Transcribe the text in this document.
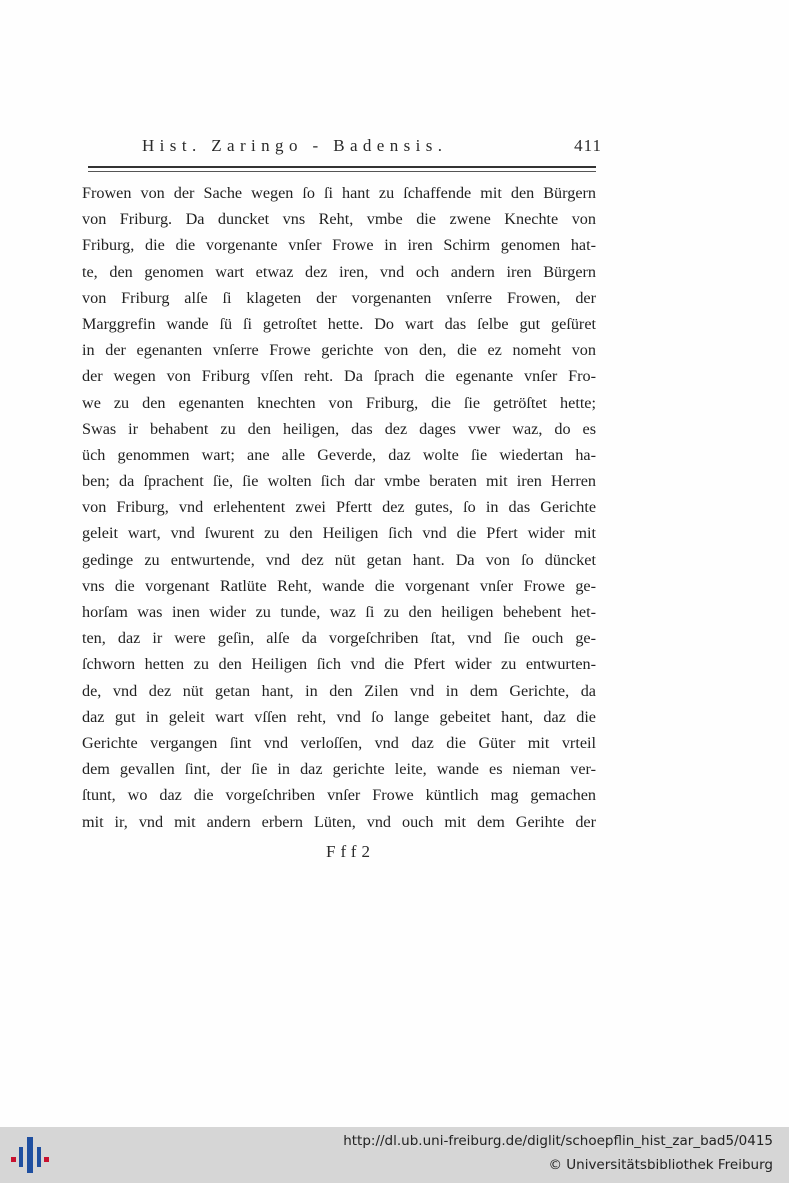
Hist. Zaringo - Badensis.	411
Frowen von der Sache wegen ſo ſi hant zu ſchaffende mit den Bürgern
von Friburg. Da duncket vns Reht, vmbe die zwene Knechte von
Friburg, die die vorgenante vnſer Frowe in iren Schirm genomen hat-
te, den genomen wart etwaz dez iren, vnd och andern iren Bürgern
von Friburg alſe ſi klageten der vorgenanten vnſerre Frowen, der
Marggrefin wande ſü ſi getroſtet hette. Do wart das ſelbe gut geſüret
in der egenanten vnſerre Frowe gerichte von den, die ez nomeht von
der wegen von Friburg vſſen reht. Da ſprach die egenante vnſer Fro-
we zu den egenanten knechten von Friburg, die ſie getröſtet hette;
Swas ir behabent zu den heiligen, das dez dages vwer waz, do es
üch genommen wart; ane alle Geverde, daz wolte ſie wiedertan ha-
ben; da ſprachent ſie, ſie wolten ſich dar vmbe beraten mit iren Herren
von Friburg, vnd erlehentent zwei Pfertt dez gutes, ſo in das Gerichte
geleit wart, vnd ſwurent zu den Heiligen ſich vnd die Pfert wider mit
gedinge zu entwurtende, vnd dez nüt getan hant. Da von ſo düncket
vns die vorgenant Ratlüte Reht, wande die vorgenant vnſer Frowe ge-
horſam was inen wider zu tunde, waz ſi zu den heiligen behebent het-
ten, daz ir were geſin, alſe da vorgeſchriben ſtat, vnd ſie ouch ge-
ſchworn hetten zu den Heiligen ſich vnd die Pfert wider zu entwurten-
de, vnd dez nüt getan hant, in den Zilen vnd in dem Gerichte, da
daz gut in geleit wart vſſen reht, vnd ſo lange gebeitet hant, daz die
Gerichte vergangen ſint vnd verloſſen, vnd daz die Güter mit vrteil
dem gevallen ſint, der ſie in daz gerichte leite, wande es nieman ver-
ſtunt, wo daz die vorgeſchriben vnſer Frowe küntlich mag gemachen
mit ir, vnd mit andern erbern Lüten, vnd ouch mit dem Gerihte der
Fff2
http://dl.ub.uni-freiburg.de/diglit/schoepflin_hist_zar_bad5/0415
© Universitätsbibliothek Freiburg
